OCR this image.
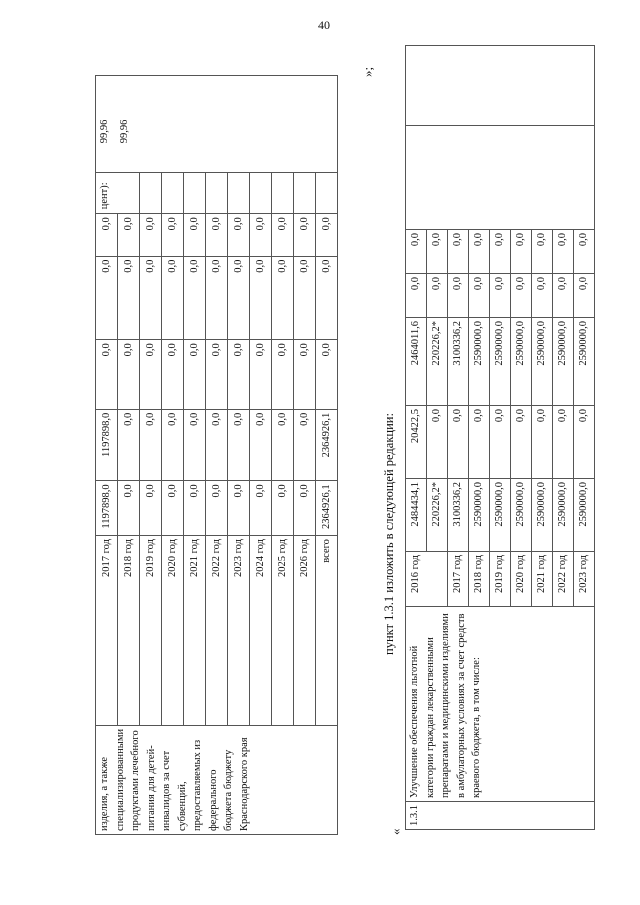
40
изделия, а также специализированными продуктами лечебного питания для детей-инвалидов за счет субвенций, предоставляемых из федерального бюджета бюджету Краснодарского края	2017 год	1197898,0	1197898,0	0,0	0,0	0,0	цент):
99,96 99,96	

	2018 год	0,0	0,0	0,0	0,0	0,0		
	2019 год	0,0	0,0	0,0	0,0	0,0		
	2020 год	0,0	0,0	0,0	0,0	0,0		
	2021 год	0,0	0,0	0,0	0,0	0,0		
	2022 год	0,0	0,0	0,0	0,0	0,0		
	2023 год	0,0	0,0	0,0	0,0	0,0		
	2024 год	0,0	0,0	0,0	0,0	0,0		
	2025 год	0,0	0,0	0,0	0,0	0,0		
	2026 год	0,0	0,0	0,0	0,0	0,0		
	всего	2364926,1	2364926,1	0,0	0,0	0,0		
»;
«
пункт 1.3.1 изложить в следующей редакции:
1.3.1	Улучшение обеспечения льготной категории граждан лекарственными препаратами и медицинскими изделиями в амбулаторных условиях за счет средств краевого бюджета, в том числе:	2016 год	2484434,1	20422,5	2464011,6	0,0	0,0		
			220226,2*	0,0	220226,2*	0,0	0,0		
		2017 год	3100336,2	0,0	3100336,2	0,0	0,0		
		2018 год	2590000,0	0,0	2590000,0	0,0	0,0		
		2019 год	2590000,0	0,0	2590000,0	0,0	0,0		
		2020 год	2590000,0	0,0	2590000,0	0,0	0,0		
		2021 год	2590000,0	0,0	2590000,0	0,0	0,0		
		2022 год	2590000,0	0,0	2590000,0	0,0	0,0		
		2023 год	2590000,0	0,0	2590000,0	0,0	0,0		
